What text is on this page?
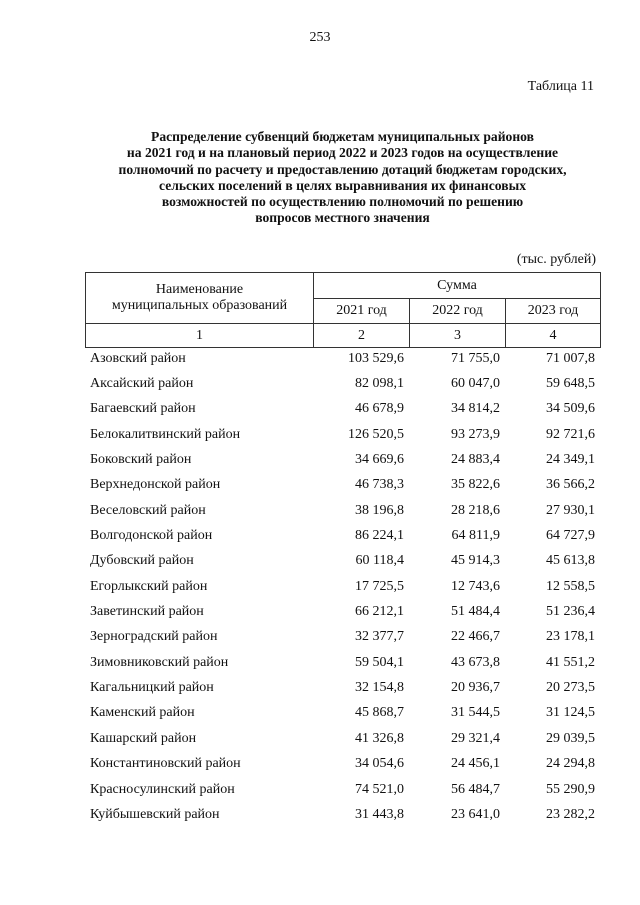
253
Таблица 11
Распределение субвенций бюджетам муниципальных районов
на 2021 год и на плановый период 2022 и 2023 годов на осуществление
полномочий по расчету и предоставлению дотаций бюджетам городских,
сельских поселений в целях выравнивания их финансовых
возможностей по осуществлению полномочий по решению
вопросов местного значения
(тыс. рублей)
Наименование
муниципальных образований	Сумма		
	2021 год	2022 год	2023 год
1	2	3	4
Азовский район	103 529,6	71 755,0	71 007,8
Аксайский район	82 098,1	60 047,0	59 648,5
Багаевский район	46 678,9	34 814,2	34 509,6
Белокалитвинский район	126 520,5	93 273,9	92 721,6
Боковский район	34 669,6	24 883,4	24 349,1
Верхнедонской район	46 738,3	35 822,6	36 566,2
Веселовский район	38 196,8	28 218,6	27 930,1
Волгодонской район	86 224,1	64 811,9	64 727,9
Дубовский район	60 118,4	45 914,3	45 613,8
Егорлыкский район	17 725,5	12 743,6	12 558,5
Заветинский район	66 212,1	51 484,4	51 236,4
Зерноградский район	32 377,7	22 466,7	23 178,1
Зимовниковский район	59 504,1	43 673,8	41 551,2
Кагальницкий район	32 154,8	20 936,7	20 273,5
Каменский район	45 868,7	31 544,5	31 124,5
Кашарский район	41 326,8	29 321,4	29 039,5
Константиновский район	34 054,6	24 456,1	24 294,8
Красносулинский район	74 521,0	56 484,7	55 290,9
Куйбышевский район	31 443,8	23 641,0	23 282,2
